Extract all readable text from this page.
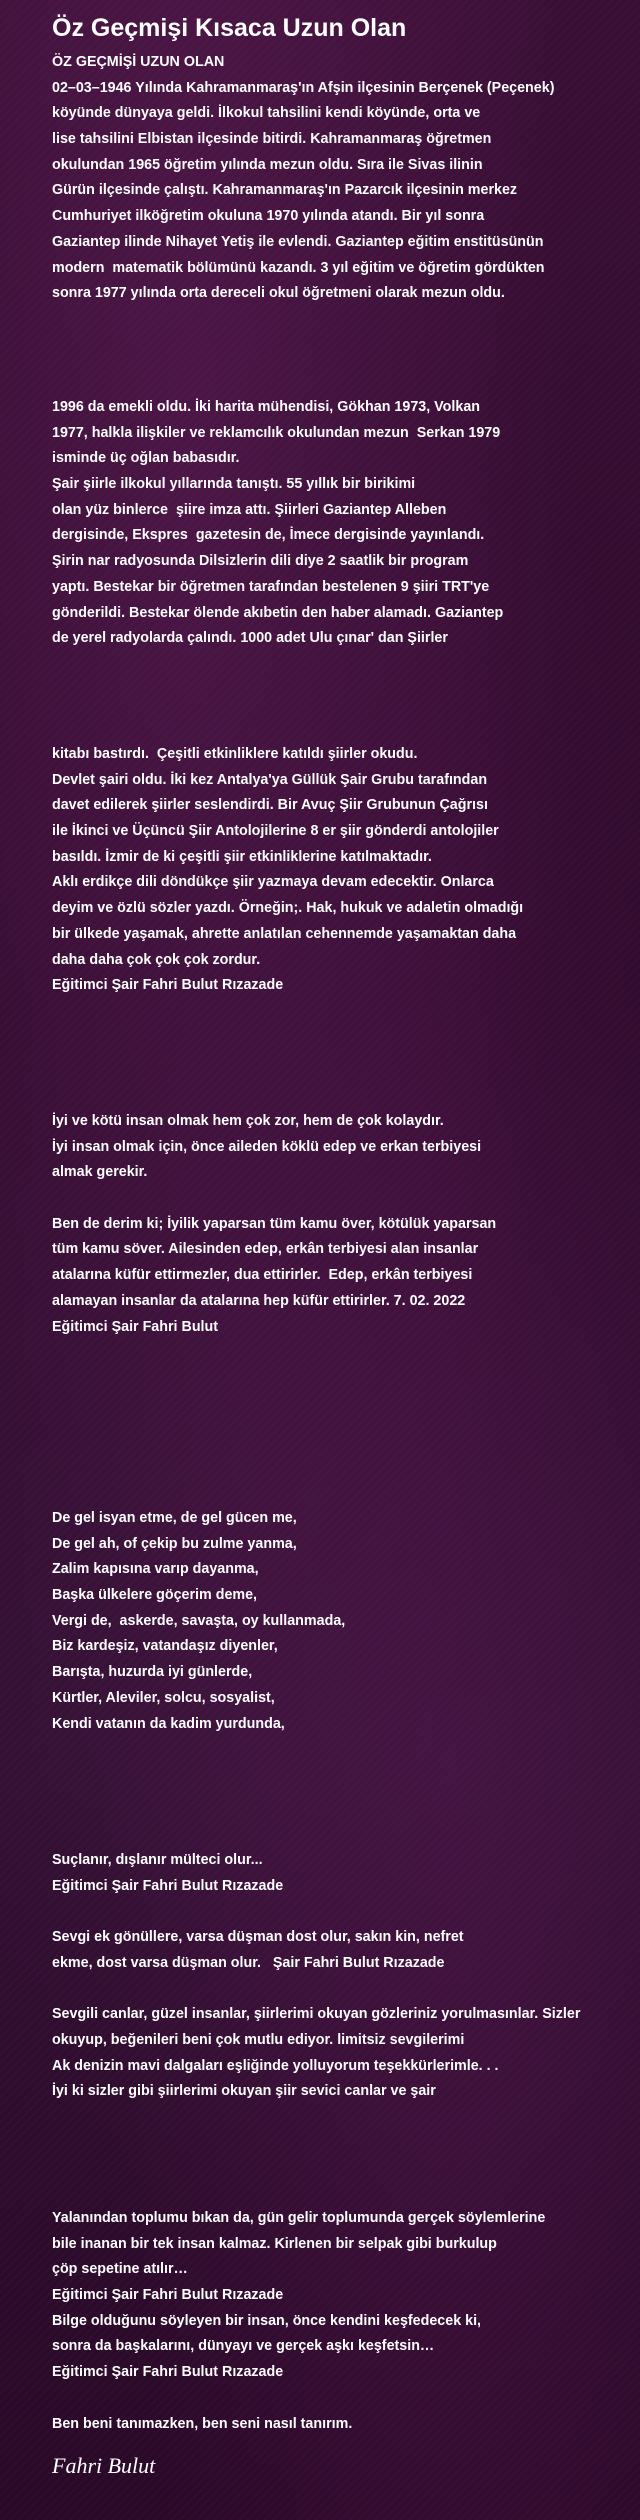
Öz Geçmişi Kısaca Uzun Olan
ÖZ GEÇMİŞİ UZUN OLAN
02–03–1946 Yılında Kahramanmaraş'ın Afşin ilçesinin Berçenek (Peçenek)
köyünde dünyaya geldi. İlkokul tahsilini kendi köyünde, orta ve
lise tahsilini Elbistan ilçesinde bitirdi. Kahramanmaraş öğretmen
okulundan 1965 öğretim yılında mezun oldu. Sıra ile Sivas ilinin
Gürün ilçesinde çalıştı. Kahramanmaraş'ın Pazarcık ilçesinin merkez
Cumhuriyet ilköğretim okuluna 1970 yılında atandı. Bir yıl sonra
Gaziantep ilinde Nihayet Yetiş ile evlendi. Gaziantep eğitim enstitüsünün
modern  matematik bölümünü kazandı. 3 yıl eğitim ve öğretim gördükten
sonra 1977 yılında orta dereceli okul öğretmeni olarak mezun oldu.
1996 da emekli oldu. İki harita mühendisi, Gökhan 1973, Volkan
1977, halkla ilişkiler ve reklamcılık okulundan mezun  Serkan 1979
isminde üç oğlan babasıdır.
Şair şiirle ilkokul yıllarında tanıştı. 55 yıllık bir birikimi
olan yüz binlerce  şiire imza attı. Şiirleri Gaziantep Alleben
dergisinde, Ekspres  gazetesin de, İmece dergisinde yayınlandı.
Şirin nar radyosunda Dilsizlerin dili diye 2 saatlik bir program
yaptı. Bestekar bir öğretmen tarafından bestelenen 9 şiiri TRT'ye
gönderildi. Bestekar ölende akıbetin den haber alamadı. Gaziantep
de yerel radyolarda çalındı. 1000 adet Ulu çınar' dan Şiirler
kitabı bastırdı.  Çeşitli etkinliklere katıldı şiirler okudu.
Devlet şairi oldu. İki kez Antalya'ya Güllük Şair Grubu tarafından
davet edilerek şiirler seslendirdi. Bir Avuç Şiir Grubunun Çağrısı
ile İkinci ve Üçüncü Şiir Antolojilerine 8 er şiir gönderdi antolojiler
basıldı. İzmir de ki çeşitli şiir etkinliklerine katılmaktadır.
Aklı erdikçe dili döndükçe şiir yazmaya devam edecektir. Onlarca
deyim ve özlü sözler yazdı. Örneğin;. Hak, hukuk ve adaletin olmadığı
bir ülkede yaşamak, ahrette anlatılan cehennemde yaşamaktan daha
daha daha çok çok çok zordur.
Eğitimci Şair Fahri Bulut Rızazade
İyi ve kötü insan olmak hem çok zor, hem de çok kolaydır.
İyi insan olmak için, önce aileden köklü edep ve erkan terbiyesi
almak gerekir.
Ben de derim ki; İyilik yaparsan tüm kamu över, kötülük yaparsan
tüm kamu söver. Ailesinden edep, erkân terbiyesi alan insanlar
atalarına küfür ettirmezler, dua ettirirler.  Edep, erkân terbiyesi
alamayan insanlar da atalarına hep küfür ettirirler. 7. 02. 2022
Eğitimci Şair Fahri Bulut
De gel isyan etme, de gel gücen me,
De gel ah, of çekip bu zulme yanma,
Zalim kapısına varıp dayanma,
Başka ülkelere göçerim deme,
Vergi de,  askerde, savaşta, oy kullanmada,
Biz kardeşiz, vatandaşız diyenler,
Barışta, huzurda iyi günlerde,
Kürtler, Aleviler, solcu, sosyalist,
Kendi vatanın da kadim yurdunda,
Suçlanır, dışlanır mülteci olur...
Eğitimci Şair Fahri Bulut Rızazade
Sevgi ek gönüllere, varsa düşman dost olur, sakın kin, nefret
ekme, dost varsa düşman olur.   Şair Fahri Bulut Rızazade
Sevgili canlar, güzel insanlar, şiirlerimi okuyan gözleriniz yorulmasınlar. Sizler
okuyup, beğenileri beni çok mutlu ediyor. limitsiz sevgilerimi
Ak denizin mavi dalgaları eşliğinde yolluyorum teşekkürlerimle. . .
İyi ki sizler gibi şiirlerimi okuyan şiir sevici canlar ve şair
Yalanından toplumu bıkan da, gün gelir toplumunda gerçek söylemlerine
bile inanan bir tek insan kalmaz. Kirlenen bir selpak gibi burkulup
çöp sepetine atılır…
Eğitimci Şair Fahri Bulut Rızazade
Bilge olduğunu söyleyen bir insan, önce kendini keşfedecek ki,
sonra da başkalarını, dünyayı ve gerçek aşkı keşfetsin…
Eğitimci Şair Fahri Bulut Rızazade
Ben beni tanımazken, ben seni nasıl tanırım.
Fahri Bulut
